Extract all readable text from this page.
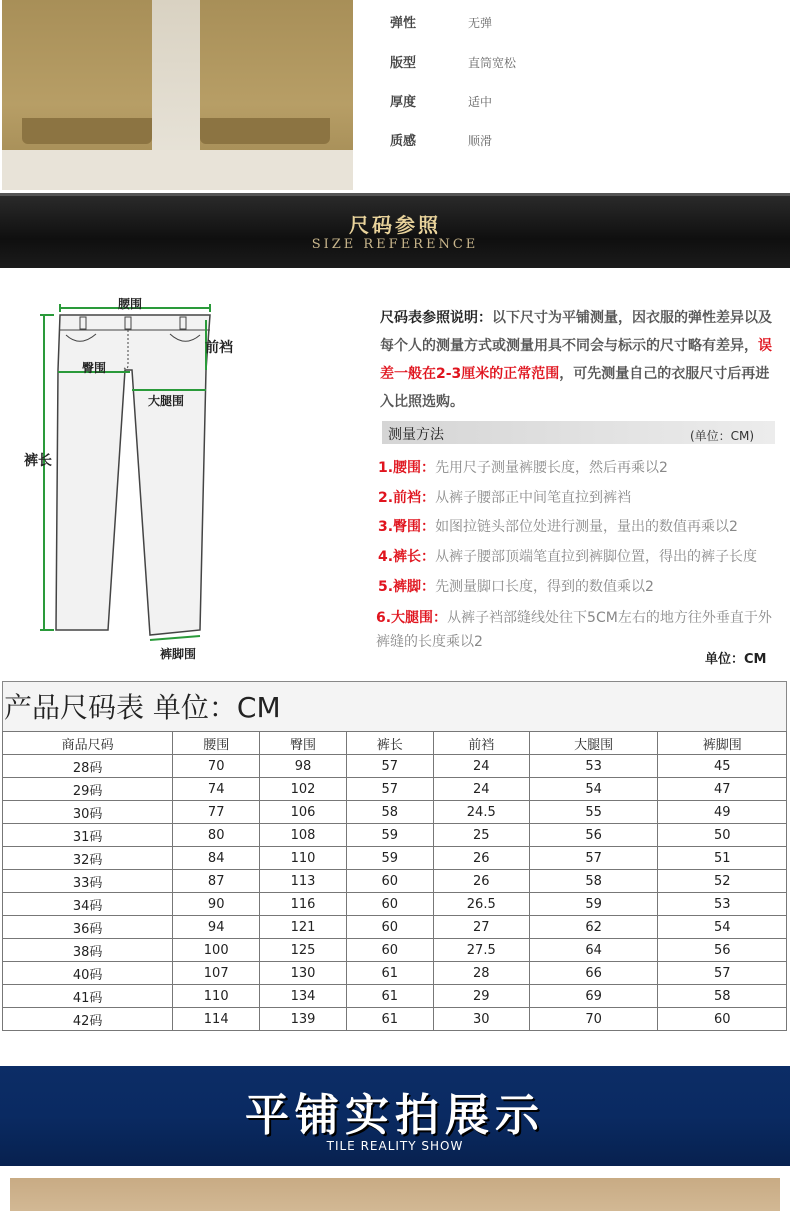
弹性	无弹
版型	直筒宽松
厚度	适中
质感	顺滑
尺码参照
SIZE REFERENCE
腰围
前裆
臀围
大腿围
裤长
裤脚围
尺码表参照说明：以下尺寸为平铺测量，因衣服的弹性差异以及每个人的测量方式或测量用具不同会与标示的尺寸略有差异，误差一般在2-3厘米的正常范围，可先测量自己的衣服尺寸后再进入比照选购。
测量方法	(单位：CM)
1.腰围：先用尺子测量裤腰长度，然后再乘以2
2.前裆：从裤子腰部正中间笔直拉到裤裆
3.臀围：如图拉链头部位处进行测量，量出的数值再乘以2
4.裤长：从裤子腰部顶端笔直拉到裤脚位置，得出的裤子长度
5.裤脚：先测量脚口长度，得到的数值乘以2
6.大腿围：从裤子裆部缝线处往下5CM左右的地方往外垂直于外裤缝的长度乘以2
单位：CM
产品尺码表 单位：CM
商品尺码	腰围	臀围	裤长	前裆	大腿围	裤脚围
28码	70	98	57	24	53	45
29码	74	102	57	24	54	47
30码	77	106	58	24.5	55	49
31码	80	108	59	25	56	50
32码	84	110	59	26	57	51
33码	87	113	60	26	58	52
34码	90	116	60	26.5	59	53
36码	94	121	60	27	62	54
38码	100	125	60	27.5	64	56
40码	107	130	61	28	66	57
41码	110	134	61	29	69	58
42码	114	139	61	30	70	60
平铺实拍展示
TILE REALITY SHOW
